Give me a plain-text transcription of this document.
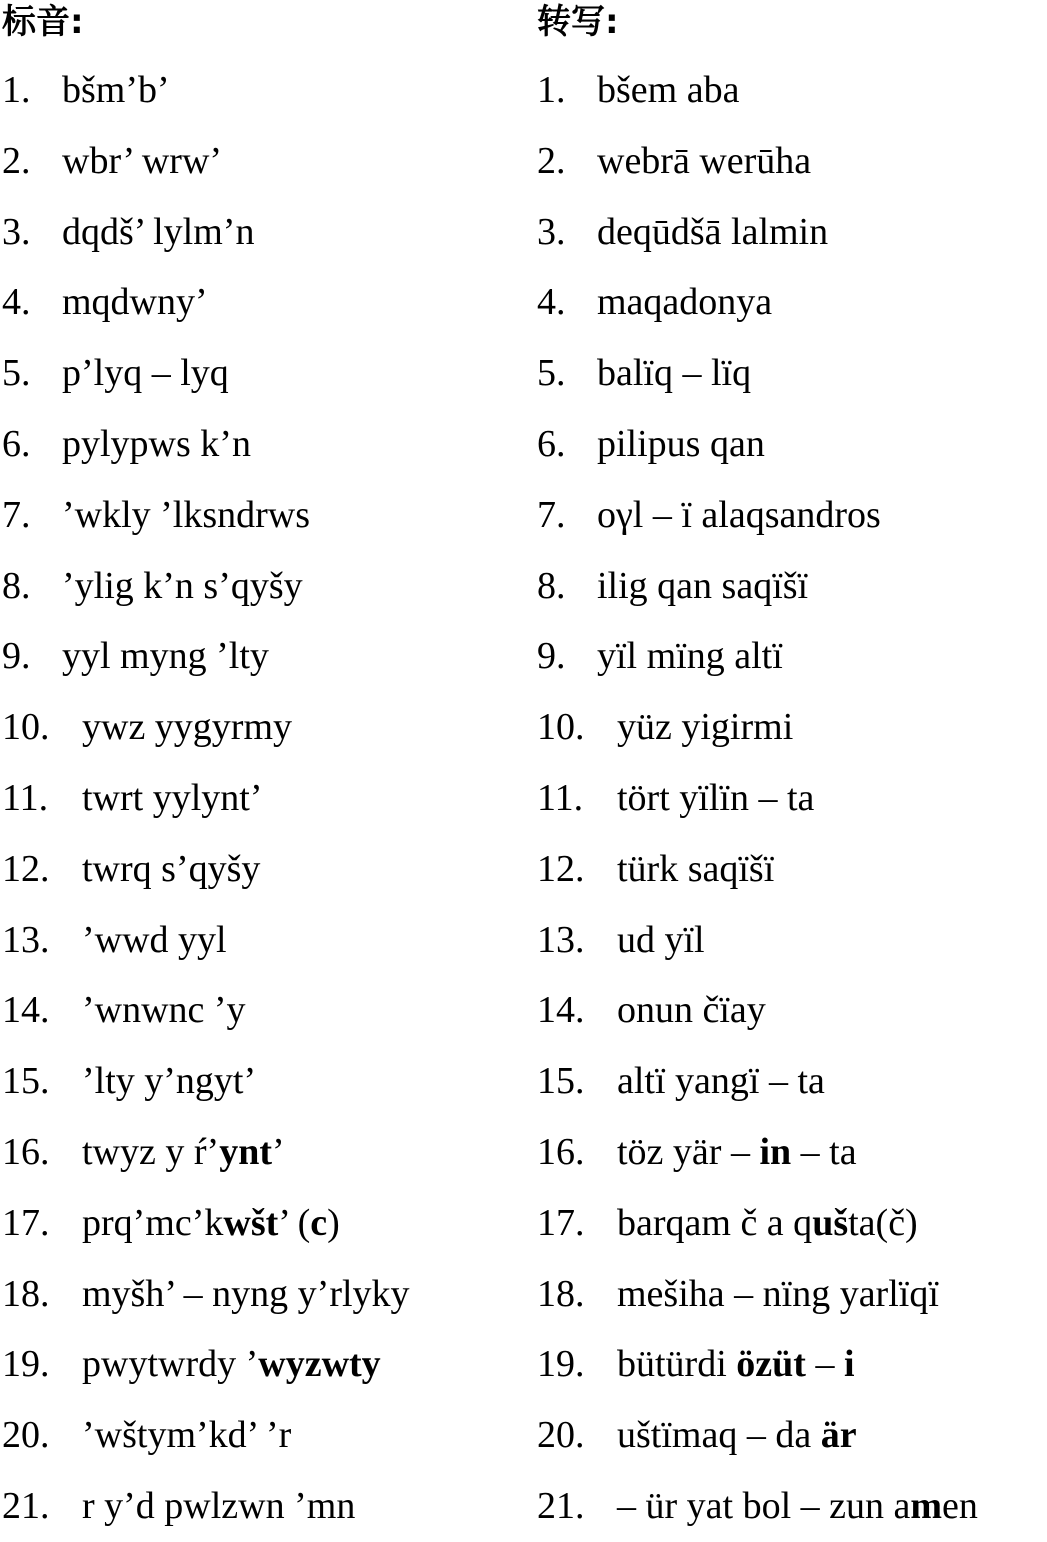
标音:
1. bšm’b’
2. wbr’ wrw’
3. dqdš’ lylm’n
4. mqdwny’
5. p’lyq – lyq
6. pylypws k’n
7. ’wkly ’lksndrws
8. ’ylig k’n s’qyšy
9. yyl myng ’lty
10. ywz yygyrmy
11. twrt yylynt’
12. twrq s’qyšy
13. ’wwd yyl
14. ’wnwnc ’y
15. ’lty y’ngyt’
16. twyz y ŕ’ynt’
17. prq’mc’kwšt’ (c)
18. myšh’ – nyng y’rlyky
19. pwytwrdy ’wyzwty
20. ’wštym’kd’ ’r
21. r y’d pwlzwn ’mn
转写:
1. bšem aba
2. webrā werūha
3. deqūdšā lalmin
4. maqadonya
5. balïq – lïq
6. pilipus qan
7. oγl – ï alaqsandros
8. ilig qan saqïšï
9. yïl mïng altï
10. yüz yigirmi
11. tört yïlïn – ta
12. türk saqïšï
13. ud yïl
14. onun čïay
15. altï yangï – ta
16. töz yär – in – ta
17. barqam č a qušta(č)
18. mešiha – nïng yarlïqï
19. bütürdi özüt – i
20. uštïmaq – da är
21. – ür yat bol – zun amen
